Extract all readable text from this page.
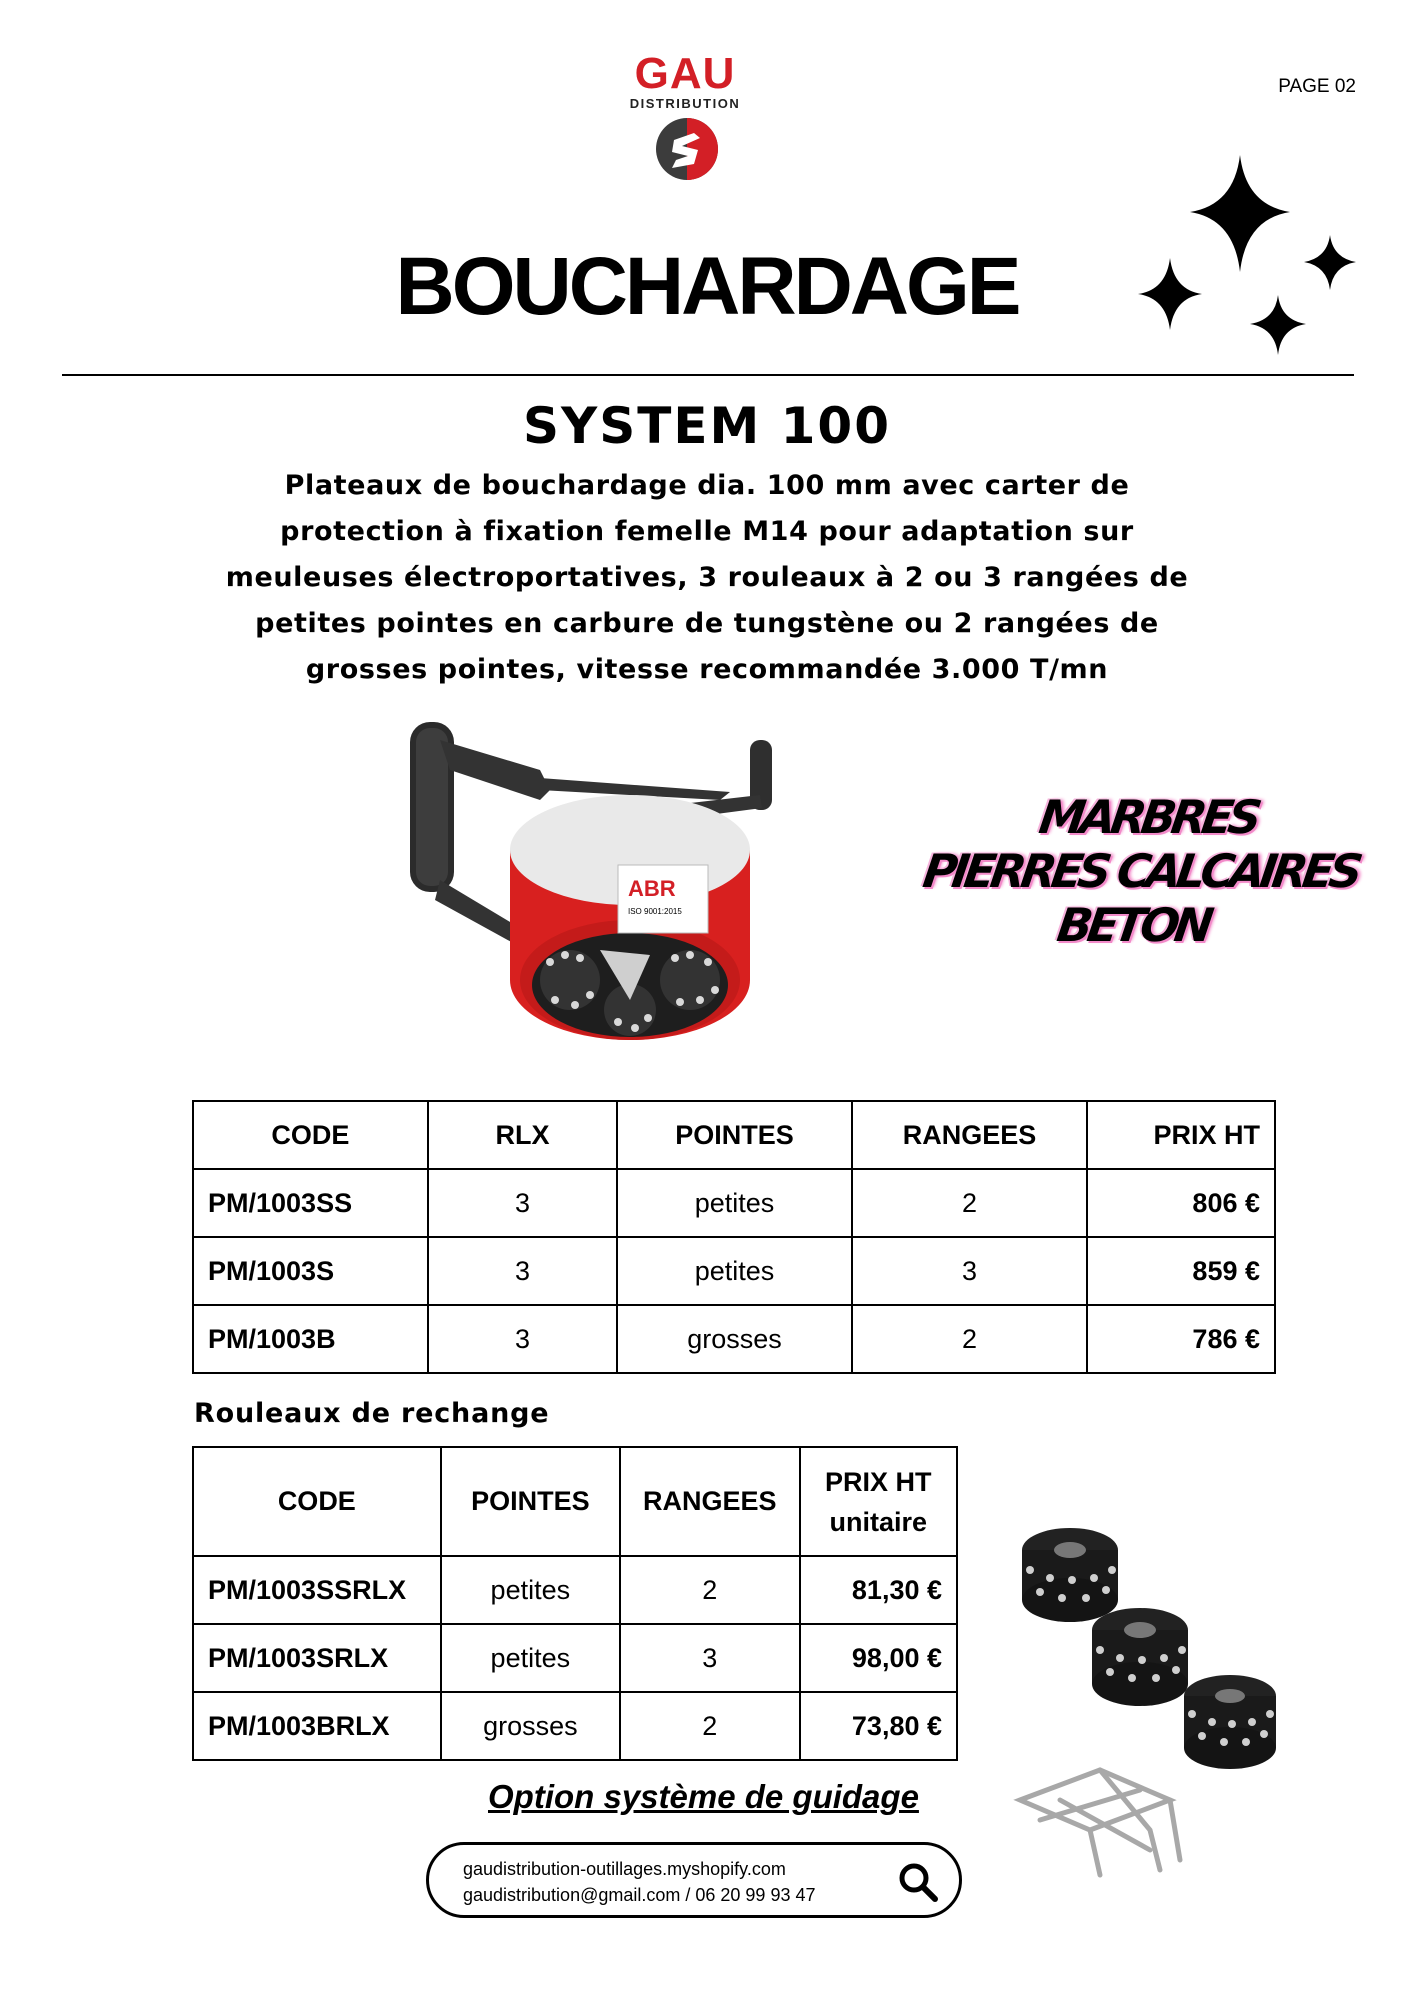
GAU
DISTRIBUTION
PAGE 02
BOUCHARDAGE
SYSTEM 100
Plateaux de bouchardage dia. 100 mm avec carter de
protection à fixation femelle M14 pour adaptation sur
meuleuses électroportatives, 3 rouleaux à 2 ou 3 rangées de
petites pointes en carbure de tungstène ou 2 rangées de
grosses pointes, vitesse recommandée 3.000 T/mn
ABR
ISO 9001:2015
MARBRES
PIERRES CALCAIRES
BETON
CODE	RLX	POINTES	RANGEES	PRIX HT
PM/1003SS	3	petites	2	806 €
PM/1003S	3	petites	3	859 €
PM/1003B	3	grosses	2	786 €
Rouleaux de rechange
CODE	POINTES	RANGEES	PRIX HT
unitaire

PM/1003SSRLX	petites	2	81,30 €
PM/1003SRLX	petites	3	98,00 €
PM/1003BRLX	grosses	2	73,80 €
Option système de guidage
gaudistribution-outillages.myshopify.com
gaudistribution@gmail.com / 06 20 99 93 47
